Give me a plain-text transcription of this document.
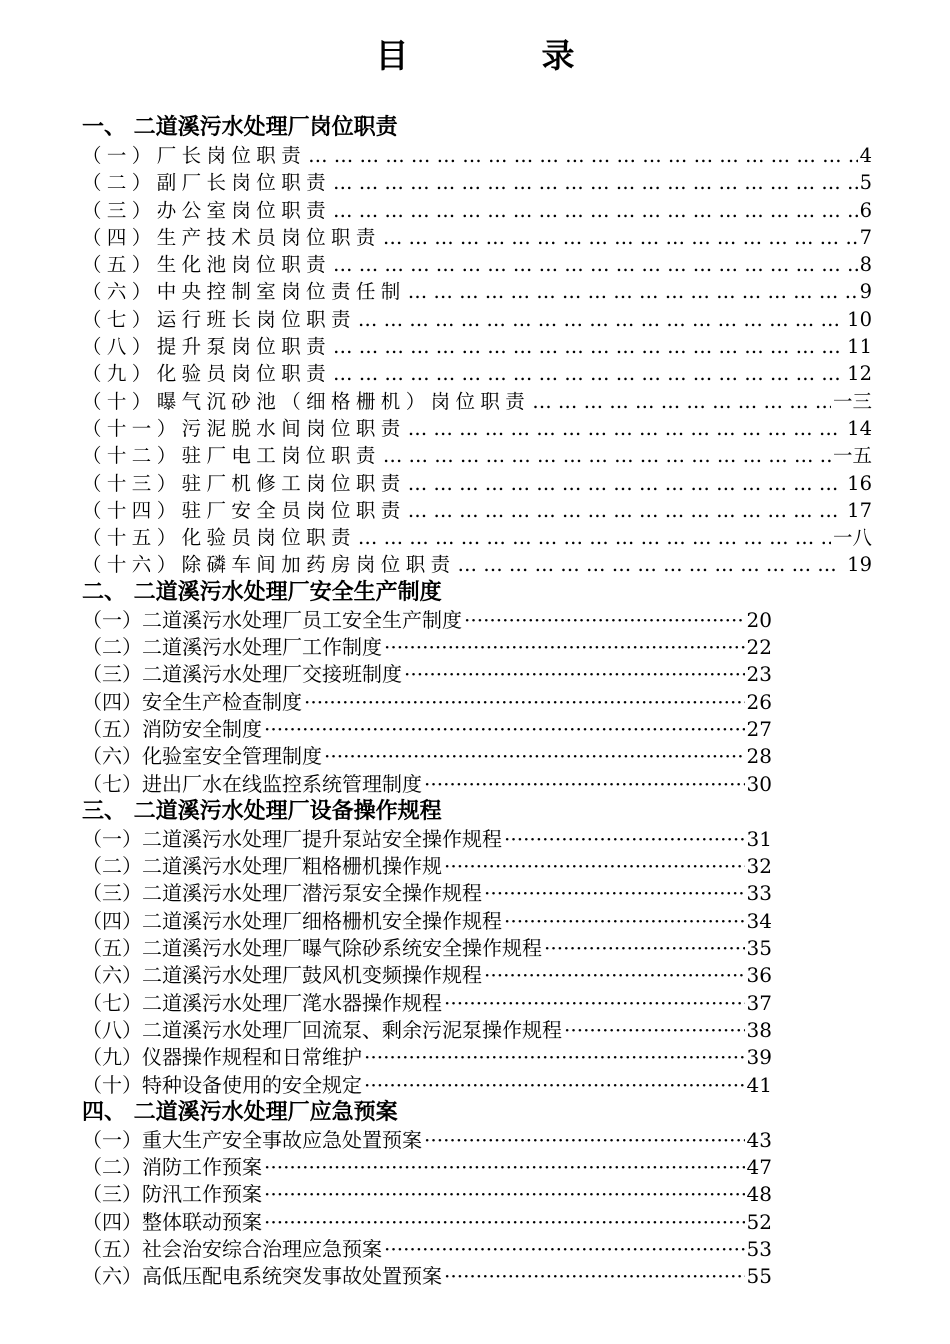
目　录
一、 二道溪污水处理厂岗位职责
（一）厂长岗位职责 … … … … … … … … … … … … … … … … … … … … … … … … … … … … … … … … … … … … … … … … … … … … … … … … … …	4
（二）副厂长岗位职责 … … … … … … … … … … … … … … … … … … … … … … … … … … … … … … … … … … … … … … … … … … … … … … … … … …	5
（三）办公室岗位职责 … … … … … … … … … … … … … … … … … … … … … … … … … … … … … … … … … … … … … … … … … … … … … … … … … …	6
（四）生产技术员岗位职责 … … … … … … … … … … … … … … … … … … … … … … … … … … … … … … … … … … … … … … … … … … … … … … … … … …	7
（五）生化池岗位职责 … … … … … … … … … … … … … … … … … … … … … … … … … … … … … … … … … … … … … … … … … … … … … … … … … …	8
（六）中央控制室岗位责任制 … … … … … … … … … … … … … … … … … … … … … … … … … … … … … … … … … … … … … … … … … … … … … … … … … …	9
（七）运行班长岗位职责 … … … … … … … … … … … … … … … … … … … … … … … … … … … … … … … … … … … … … … … … … … … … … … … … … …	10
（八）提升泵岗位职责 … … … … … … … … … … … … … … … … … … … … … … … … … … … … … … … … … … … … … … … … … … … … … … … … … …	11
（九）化验员岗位职责 … … … … … … … … … … … … … … … … … … … … … … … … … … … … … … … … … … … … … … … … … … … … … … … … … …	12
（十）曝气沉砂池（细格栅机）岗位职责 … … … … … … … … … … … … … … … … … … … … … … … … … … … … … … … … … … … … … … … … … … … … … … … … … …	一三
（十一）污泥脱水间岗位职责 … … … … … … … … … … … … … … … … … … … … … … … … … … … … … … … … … … … … … … … … … … … … … … … … … …	14
（十二）驻厂电工岗位职责 … … … … … … … … … … … … … … … … … … … … … … … … … … … … … … … … … … … … … … … … … … … … … … … … … …	一五
（十三）驻厂机修工岗位职责 … … … … … … … … … … … … … … … … … … … … … … … … … … … … … … … … … … … … … … … … … … … … … … … … … …	16
（十四）驻厂安全员岗位职责 … … … … … … … … … … … … … … … … … … … … … … … … … … … … … … … … … … … … … … … … … … … … … … … … … …	17
（十五）化验员岗位职责 … … … … … … … … … … … … … … … … … … … … … … … … … … … … … … … … … … … … … … … … … … … … … … … … … …	一八
（十六）除磷车间加药房岗位职责 … … … … … … … … … … … … … … … … … … … … … … … … … … … … … … … … … … … … … … … … … … … … … … … … … …	19
二、 二道溪污水处理厂安全生产制度
（一）二道溪污水处理厂员工安全生产制度 ·····	20
（二）二道溪污水处理厂工作制度 ·····	22
（三）二道溪污水处理厂交接班制度 ·····	23
（四）安全生产检查制度 ·····	26
（五）消防安全制度 ·····	27
（六）化验室安全管理制度 ·····	28
（七）进出厂水在线监控系统管理制度 ·····	30
三、 二道溪污水处理厂设备操作规程
（一）二道溪污水处理厂提升泵站安全操作规程 ·····	31
（二）二道溪污水处理厂粗格栅机操作规 ·····	32
（三）二道溪污水处理厂潜污泵安全操作规程 ·····	33
（四）二道溪污水处理厂细格栅机安全操作规程 ·····	34
（五）二道溪污水处理厂曝气除砂系统安全操作规程 ·····	35
（六）二道溪污水处理厂鼓风机变频操作规程 ·····	36
（七）二道溪污水处理厂滗水器操作规程 ·····	37
（八）二道溪污水处理厂回流泵、剩余污泥泵操作规程 ·····	38
（九）仪器操作规程和日常维护 ·····	39
（十）特种设备使用的安全规定 ·····	41
四、 二道溪污水处理厂应急预案
（一）重大生产安全事故应急处置预案 ·····	43
（二）消防工作预案 ·····	47
（三）防汛工作预案 ·····	48
（四）整体联动预案 ·····	52
（五）社会治安综合治理应急预案 ·····	53
（六）高低压配电系统突发事故处置预案 ·····	55
